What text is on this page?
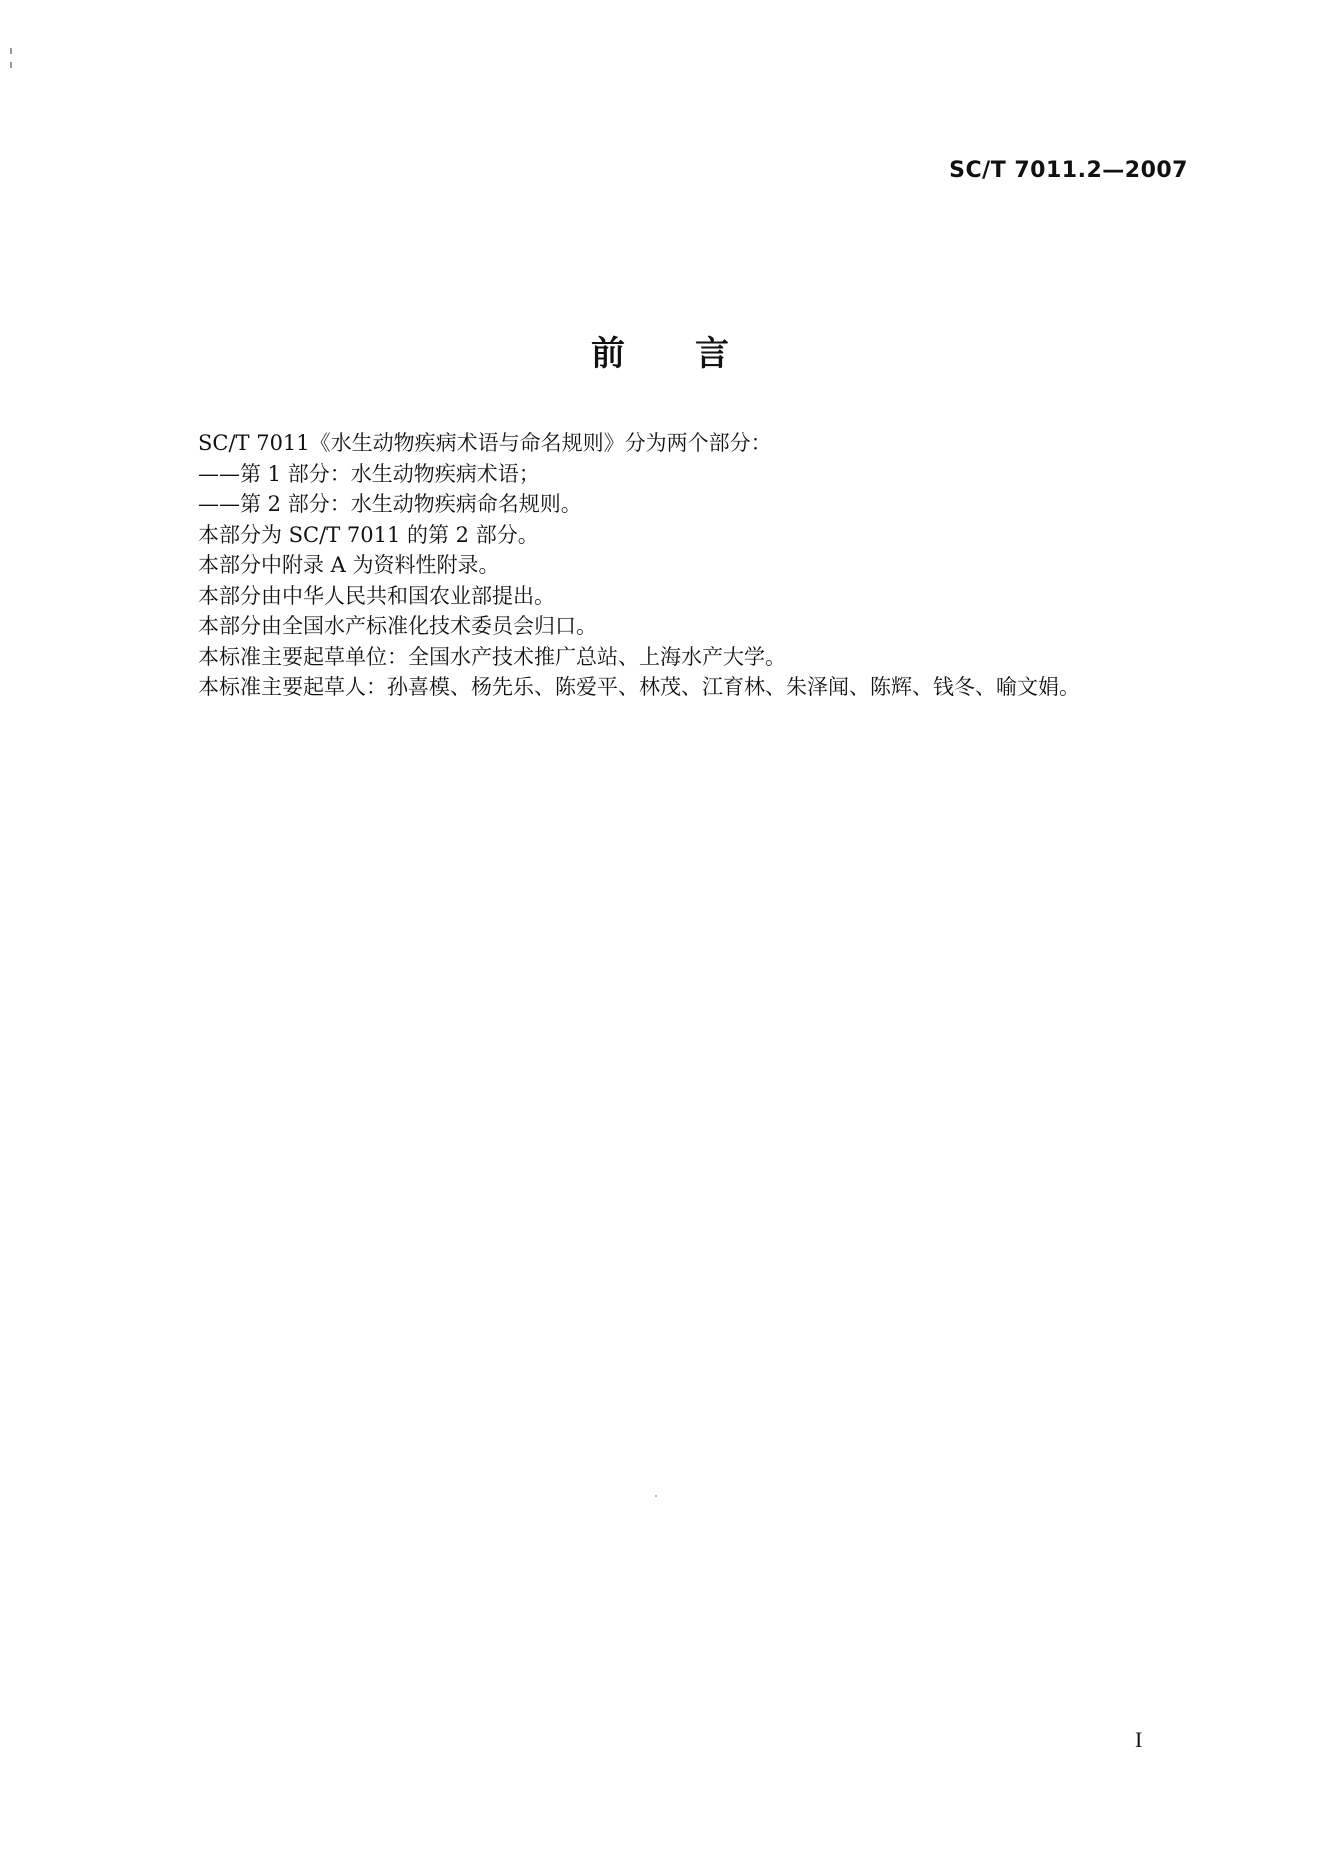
SC/T 7011.2—2007
前 言
SC/T 7011《水生动物疾病术语与命名规则》分为两个部分：
——第 1 部分：水生动物疾病术语；
——第 2 部分：水生动物疾病命名规则。
本部分为 SC/T 7011 的第 2 部分。
本部分中附录 A 为资料性附录。
本部分由中华人民共和国农业部提出。
本部分由全国水产标准化技术委员会归口。
本标准主要起草单位：全国水产技术推广总站、上海水产大学。
本标准主要起草人：孙喜模、杨先乐、陈爱平、林茂、江育林、朱泽闻、陈辉、钱冬、喻文娟。
I
